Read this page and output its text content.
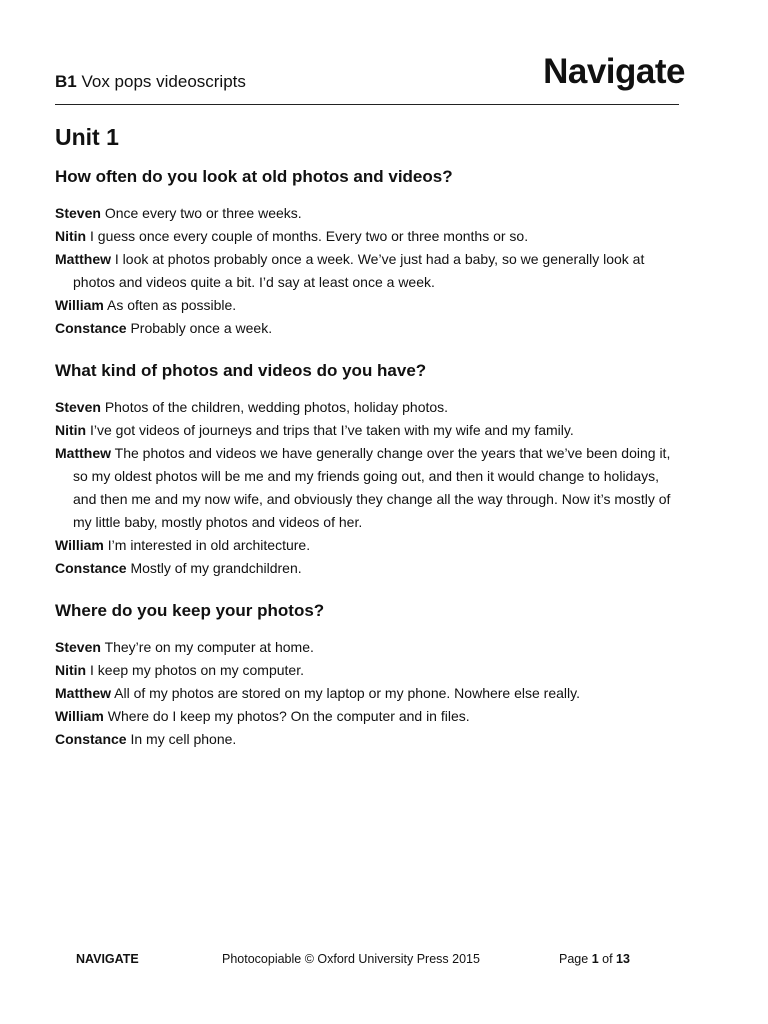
B1 Vox pops videoscripts	Navigate
Unit 1
How often do you look at old photos and videos?

Steven Once every two or three weeks.

Nitin I guess once every couple of months. Every two or three months or so.

Matthew I look at photos probably once a week. We’ve just had a baby, so we generally look at photos and videos quite a bit. I’d say at least once a week.

William As often as possible.

Constance Probably once a week.

What kind of photos and videos do you have?

Steven Photos of the children, wedding photos, holiday photos.

Nitin I’ve got videos of journeys and trips that I’ve taken with my wife and my family.

Matthew The photos and videos we have generally change over the years that we’ve been doing it, so my oldest photos will be me and my friends going out, and then it would change to holidays, and then me and my now wife, and obviously they change all the way through. Now it’s mostly of my little baby, mostly photos and videos of her.

William I’m interested in old architecture.

Constance Mostly of my grandchildren.

Where do you keep your photos?

Steven They’re on my computer at home.

Nitin I keep my photos on my computer.

Matthew All of my photos are stored on my laptop or my phone. Nowhere else really.

William Where do I keep my photos? On the computer and in files.

Constance In my cell phone.

NAVIGATE	Photocopiable © Oxford University Press 2015	Page 1 of 13
